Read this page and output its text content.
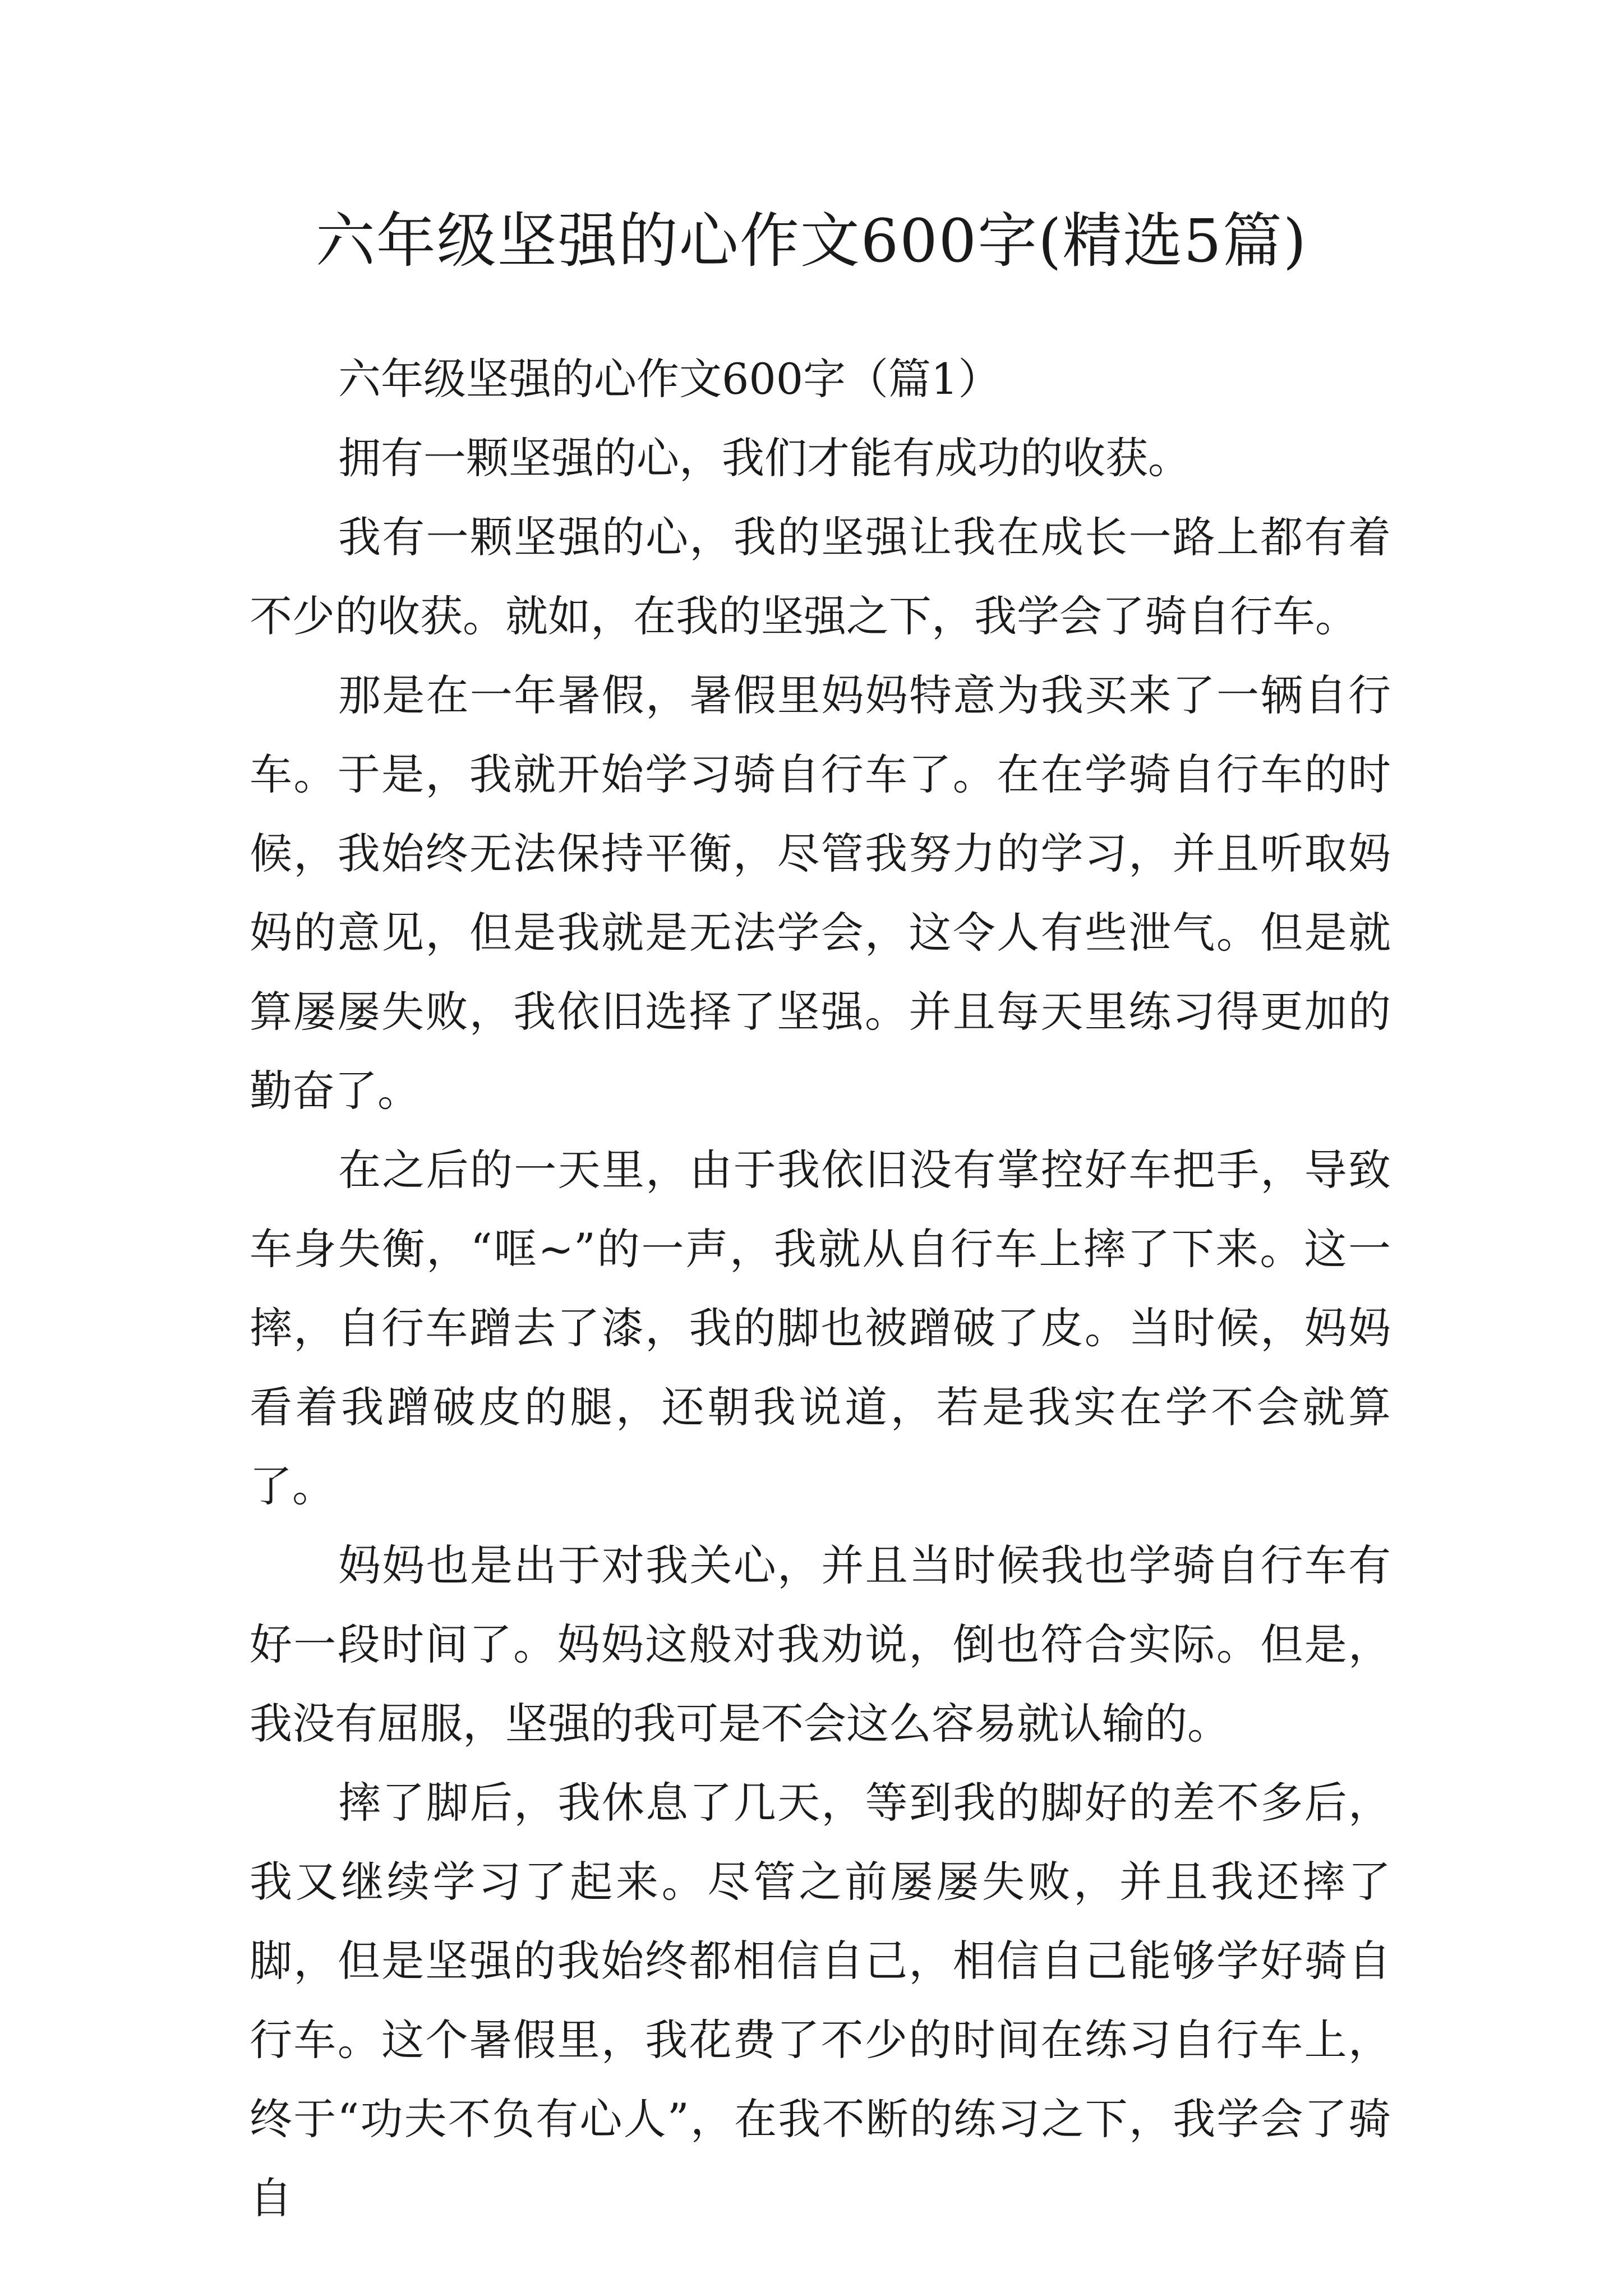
六年级坚强的心作文600字(精选5篇)

六年级坚强的心作文600字（篇1）

拥有一颗坚强的心，我们才能有成功的收获。

我有一颗坚强的心，我的坚强让我在成长一路上都有着不少的收获。就如，在我的坚强之下，我学会了骑自行车。

那是在一年暑假，暑假里妈妈特意为我买来了一辆自行车。于是，我就开始学习骑自行车了。在在学骑自行车的时候，我始终无法保持平衡，尽管我努力的学习，并且听取妈妈的意见，但是我就是无法学会，这令人有些泄气。但是就算屡屡失败，我依旧选择了坚强。并且每天里练习得更加的勤奋了。

在之后的一天里，由于我依旧没有掌控好车把手，导致车身失衡，“哐~”的一声，我就从自行车上摔了下来。这一摔，自行车蹭去了漆，我的脚也被蹭破了皮。当时候，妈妈看着我蹭破皮的腿，还朝我说道，若是我实在学不会就算了。

妈妈也是出于对我关心，并且当时候我也学骑自行车有好一段时间了。妈妈这般对我劝说，倒也符合实际。但是，我没有屈服，坚强的我可是不会这么容易就认输的。

摔了脚后，我休息了几天，等到我的脚好的差不多后，我又继续学习了起来。尽管之前屡屡失败，并且我还摔了脚，但是坚强的我始终都相信自己，相信自己能够学好骑自行车。这个暑假里，我花费了不少的时间在练习自行车上，终于“功夫不负有心人”，在我不断的练习之下，我学会了骑自
